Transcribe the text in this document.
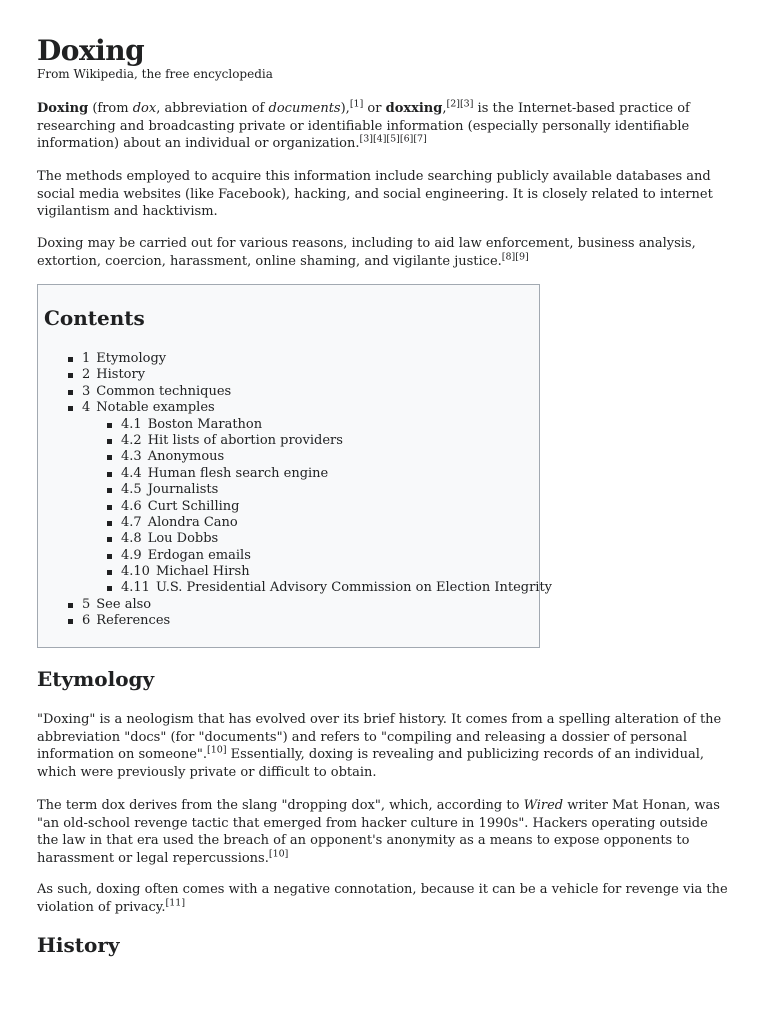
Doxing
From Wikipedia, the free encyclopedia

Doxing (from dox, abbreviation of documents),[1] or doxxing,[2][3] is the Internet-based practice of researching and broadcasting private or identifiable information (especially personally identifiable information) about an individual or organization.[3][4][5][6][7]

The methods employed to acquire this information include searching publicly available databases and social media websites (like Facebook), hacking, and social engineering. It is closely related to internet vigilantism and hacktivism.

Doxing may be carried out for various reasons, including to aid law enforcement, business analysis, extortion, coercion, harassment, online shaming, and vigilante justice.[8][9]

Contents
1 Etymology
2 History
3 Common techniques
4 Notable examples
4.1 Boston Marathon
4.2 Hit lists of abortion providers
4.3 Anonymous
4.4 Human flesh search engine
4.5 Journalists
4.6 Curt Schilling
4.7 Alondra Cano
4.8 Lou Dobbs
4.9 Erdogan emails
4.10 Michael Hirsh
4.11 U.S. Presidential Advisory Commission on Election Integrity
5 See also
6 References
Etymology

"Doxing" is a neologism that has evolved over its brief history. It comes from a spelling alteration of the abbreviation "docs" (for "documents") and refers to "compiling and releasing a dossier of personal information on someone".[10] Essentially, doxing is revealing and publicizing records of an individual, which were previously private or difficult to obtain.

The term dox derives from the slang "dropping dox", which, according to Wired writer Mat Honan, was "an old-school revenge tactic that emerged from hacker culture in 1990s". Hackers operating outside the law in that era used the breach of an opponent's anonymity as a means to expose opponents to harassment or legal repercussions.[10]

As such, doxing often comes with a negative connotation, because it can be a vehicle for revenge via the violation of privacy.[11]

History
